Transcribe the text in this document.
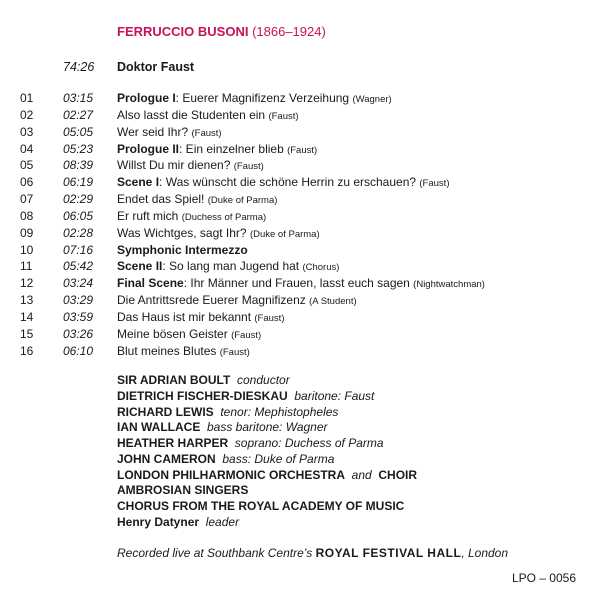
FERRUCCIO BUSONI (1866–1924)
74:26 Doktor Faust
01 03:15 Prologue I: Euerer Magnifizenz Verzeihung (Wagner)
02 02:27 Also lasst die Studenten ein (Faust)
03 05:05 Wer seid Ihr? (Faust)
04 05:23 Prologue II: Ein einzelner blieb (Faust)
05 08:39 Willst Du mir dienen? (Faust)
06 06:19 Scene I: Was wünscht die schöne Herrin zu erschauen? (Faust)
07 02:29 Endet das Spiel! (Duke of Parma)
08 06:05 Er ruft mich (Duchess of Parma)
09 02:28 Was Wichtges, sagt Ihr? (Duke of Parma)
10 07:16 Symphonic Intermezzo
11	05:42 Scene II: So lang man Jugend hat (Chorus)
12 03:24 Final Scene: Ihr Männer und Frauen, lasst euch sagen (Nightwatchman)
13 03:29 Die Antrittsrede Euerer Magnifizenz (A Student)
14 03:59 Das Haus ist mir bekannt (Faust)
15 03:26 Meine bösen Geister (Faust)
16 06:10 Blut meines Blutes (Faust)
SIR ADRIAN BOULT conductor
DIETRICH FISCHER-DIESKAU baritone: Faust
RICHARD LEWIS tenor: Mephistopheles
IAN WALLACE bass baritone: Wagner
HEATHER HARPER soprano: Duchess of Parma
JOHN CAMERON bass: Duke of Parma
LONDON PHILHARMONIC ORCHESTRA and CHOIR
AMBROSIAN SINGERS
CHORUS FROM THE ROYAL ACADEMY OF MUSIC
Henry Datyner leader
Recorded live at Southbank Centre’s ROYAL FESTIVAL HALL, London
LPO – 0056
